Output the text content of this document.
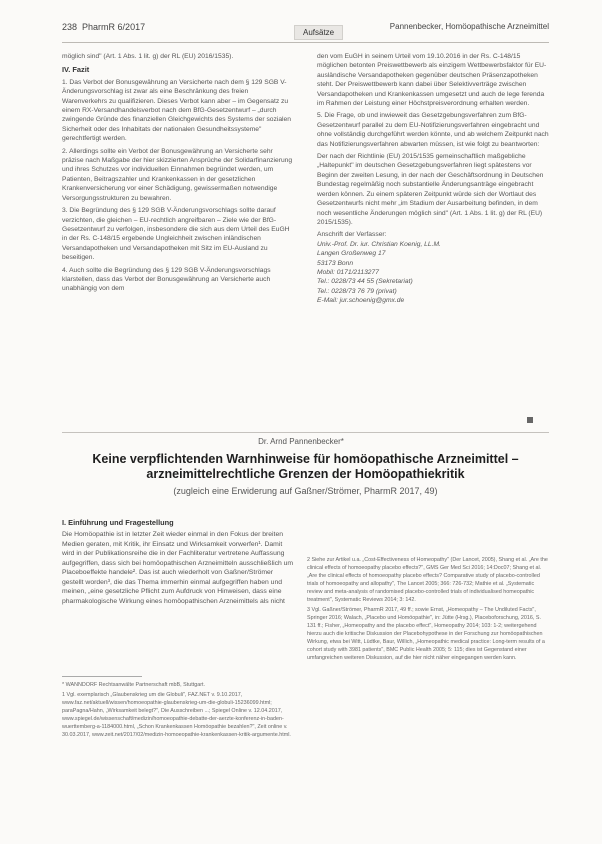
238 PharmR 6/2017
Aufsätze
Pannenbecker, Homöopathische Arzneimittel

möglich sind" (Art. 1 Abs. 1 lit. g) der RL (EU) 2016/1535).

IV. Fazit

1. Das Verbot der Bonusgewährung an Versicherte nach dem § 129 SGB V-Änderungsvorschlag ist zwar als eine Beschränkung des freien Warenverkehrs zu qualifizieren. Dieses Verbot kann aber – im Gegensatz zu einem RX-Versandhandelsverbot nach dem BfG-Gesetzentwurf – „durch zwingende Gründe des finanziellen Gleichgewichts des Systems der sozialen Sicherheit oder des Inhabitats der nationalen Gesundheitssysteme" gerechtfertigt werden.

2. Allerdings sollte ein Verbot der Bonusgewährung an Versicherte sehr präzise nach Maßgabe der hier skizzierten Ansprüche der Solidarfinanzierung und ihres Schutzes vor individuellen Einnahmen begründet werden, um Patienten, Beitragszahler und Krankenkassen in der gesetzlichen Krankenversicherung vor einer Schädigung, gewissermaßen notwendige Versorgungsstrukturen zu bewahren.

3. Die Begründung des § 129 SGB V-Änderungsvorschlags sollte darauf verzichten, die gleichen – EU-rechtlich angreifbaren – Ziele wie der BfG-Gesetzentwurf zu verfolgen, insbesondere die sich aus dem Urteil des EuGH in der Rs. C-148/15 ergebende Ungleichheit zwischen inländischen Versandapotheken und Versandapotheken mit Sitz im EU-Ausland zu beseitigen.

4. Auch sollte die Begründung des § 129 SGB V-Änderungsvorschlags klarstellen, dass das Verbot der Bonusgewährung an Versicherte auch unabhängig von dem

den vom EuGH in seinem Urteil vom 19.10.2016 in der Rs. C-148/15 möglichen betonten Preiswettbewerb als einzigem Wettbewerbsfaktor für EU-ausländische Versandapotheken gegenüber deutschen Präsenzapotheken steht. Der Preiswettbewerb kann dabei über Selektivverträge zwischen Versandapotheken und Krankenkassen umgesetzt und auch de lege ferenda im Rahmen der Leistung einer Höchstpreisverordnung erhalten werden.

5. Die Frage, ob und inwieweit das Gesetzgebungsverfahren zum BfG-Gesetzentwurf parallel zu dem EU-Notifizierungsverfahren eingebracht und ohne vollständig durchgeführt werden könnte, und ab welchem Zeitpunkt nach das Notifizierungsverfahren abwarten müssen, ist wie folgt zu beantworten:

Der nach der Richtlinie (EU) 2015/1535 gemeinschaftlich maßgebliche „Haltepunkt" im deutschen Gesetzgebungsverfahren liegt spätestens vor Beginn der zweiten Lesung, in der nach der Geschäftsordnung in Deutschen Bundestag regelmäßig noch substantielle Änderungsanträge eingebracht werden können. Zu einem späteren Zeitpunkt würde sich der Wortlaut des Gesetzentwurfs nicht mehr „im Stadium der Ausarbeitung befinden, in dem noch wesentliche Änderungen möglich sind" (Art. 1 Abs. 1 lit. g) der RL (EU) 2015/1535).

Anschrift der Verfasser:
Univ.-Prof. Dr. iur. Christian Koenig, LL.M.
Langen Großenweg 17
53173 Bonn
Mobil: 0171/2113277
Tel.: 0228/73 44 55 (Sekretariat)
Tel.: 0228/73 76 79 (privat)
E-Mail: jur.schoenig@gmx.de
Dr. Arnd Pannenbecker*
Keine verpflichtenden Warnhinweise für homöopathische Arzneimittel – arzneimittelrechtliche Grenzen der Homöopathiekritik
(zugleich eine Erwiderung auf Gaßner/Strömer, PharmR 2017, 49)
I. Einführung und Fragestellung
Die Homöopathie ist in letzter Zeit wieder einmal in den Fokus der breiten Medien geraten, mit Kritik, ihr Einsatz und Wirksamkeit vorwerfen¹. Damit wird in der Publikationsreihe die in der Fachliteratur vertretene Auffassung aufgegriffen, dass sich bei homöopathischen Arzneimitteln ausschließlich um Placeboeffekte handele². Das ist auch wiederholt von Gaßner/Strömer gestellt worden³, die das Thema immerhin einmal aufgegriffen haben und meinen, „eine gesetzliche Pflicht zum Aufdruck von Hinweisen, dass eine pharmakologische Wirkung eines homöopathischen Arzneimittels als nicht

* WANNDORF Rechtsanwälte Partnerschaft mbB, Stuttgart.

1 Vgl. exemplarisch „Glaubenskrieg um die Globuli", FAZ.NET v. 9.10.2017, www.faz.net/aktuell/wissen/homoeopathie-glaubenskrieg-um-die-globuli-15236099.html; paraPagna/Hahn, „Wirksamkeit belegt?", Die Ausschreiben ...; Spiegel Online v. 12.04.2017, www.spiegel.de/wissenschaft/medizin/homoeopathie-debatte-der-aerzte-konferenz-in-baden-wuerttemberg-a-1184000.html, „Schon Krankenkassen Homöopathie bezahlen?", Zeit online v. 30.03.2017, www.zeit.net/2017/02/medizin-homoeopathie-krankenkassen-kritik-argumente.html.

2 Siehe zur Artikel u.a. „Cost-Effectiveness of Homeopathy" (Der Lancet, 2005), Shang et al. „Are the clinical effects of homoeopathy placebo effects?", GMS Ger Med Sci 2016; 14:Doc07; Shang et al. „Are the clinical effects of homoeopathy placebo effects? Comparative study of placebo-controlled trials of homoeopathy and allopathy", The Lancet 2005; 366: 726-732; Mathie et al. „Systematic review and meta-analysis of randomised placebo-controlled trials of individualised homeopathic treatment", Systematic Reviews 2014; 3: 142.

3 Vgl. Gaßner/Strömer, PharmR 2017, 49 ff.; sowie Ernst, „Homeopathy – The Undiluted Facts", Springer 2016; Walach, „Placebo und Homöopathie", in: Jütte (Hrsg.), Placeboforschung, 2016, S. 131 ff.; Fisher, „Homeopathy and the placebo effect", Homeopathy 2014; 103: 1-2; weitergehend hierzu auch die kritische Diskussion der Placebohypothese in der Forschung zur homöopathischen Wirkung, etwa bei Witt, Lüdtke, Baur, Willich, „Homeopathic medical practice: Long-term results of a cohort study with 3981 patients", BMC Public Health 2005; 5: 115; dies ist Gegenstand einer umfangreichen weiteren Diskussion, auf die hier nicht näher eingegangen werden kann.
